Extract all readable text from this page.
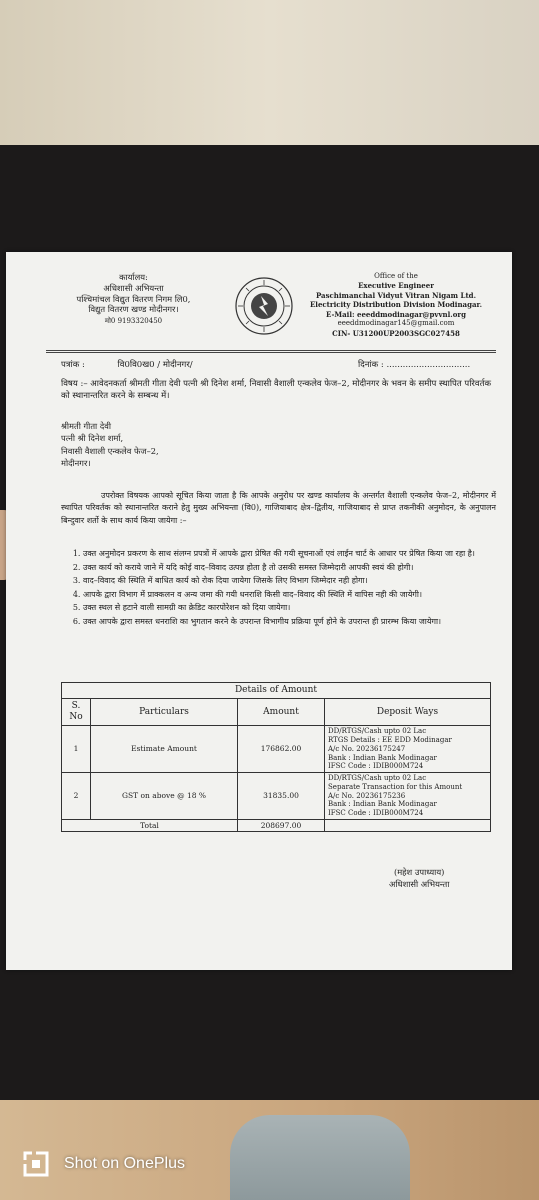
कार्यालय:
अधिशासी अभियन्ता
पश्चिमांचल विद्युत वितरण निगम लि0,
विद्युत वितरण खण्ड मोदीनगर।
मो0 9193320450
Office of the
Executive Engineer
Paschimanchal Vidyut Vitran Nigam Ltd.
Electricity Distribution Division Modinagar.
E-Mail: eeeddmodinagar@pvvnl.org
eeeddmodinagar145@gmail.com
CIN- U31200UP2003SGC027458
पत्रांक :	वि0वि0ख0 / मोदीनगर/	दिनांक : ...............................
विषय :– आवेदनकर्ता श्रीमती गीता देवी पत्नी श्री दिनेश शर्मा, निवासी वैशाली एन्कलेव फेज–2, मोदीनगर के भवन के समीप स्थापित परिवर्तक को स्थानान्तरित करने के सम्बन्ध में।
श्रीमती गीता देवी
पत्नी श्री दिनेश शर्मा,
निवासी वैशाली एन्कलेव फेज–2,
मोदीनगर।
उपरोक्त विषयक आपको सूचित किया जाता है कि आपके अनुरोध पर खण्ड कार्यालय के अन्तर्गत वैशाली एन्कलेव फेज–2, मोदीनगर में स्थापित परिवर्तक को स्थानान्तरित कराने हेतु मुख्य अभियन्ता (वि0), गाजियाबाद क्षेत्र–द्वितीय, गाजियाबाद से प्राप्त तकनीकी अनुमोदन, के अनुपालन बिन्दुवार शर्तो के साथ कार्य किया जायेगा :–
1. उक्त अनुमोदन प्रकरण के साथ संलग्न प्रपत्रों में आपके द्वारा प्रेषित की गयी सूचनाओं एवं लाईन चार्ट के आधार पर प्रेषित किया जा रहा है।
2. उक्त कार्य को कराये जाने में यदि कोई वाद–विवाद उत्पन्न होता है तो उसकी समस्त जिम्मेदारी आपकी स्वयं की होगी।
3. वाद–विवाद की स्थिति में बाधित कार्य को रोक दिया जायेगा जिसके लिए विभाग जिम्मेदार नही होगा।
4. आपके द्वारा विभाग में प्राक्कलन व अन्य जमा की गयी धनराशि किसी वाद–विवाद की स्थिति में वापिस नही की जायेगी।
5. उक्त स्थल से हटाने वाली सामग्री का क्रेडिट कारपोरेशन को दिया जायेगा।
6. उक्त आपके द्वारा समस्त धनराशि का भुगतान करने के उपरान्त विभागीय प्रक्रिया पूर्ण होने के उपरान्त ही प्रारम्भ किया जायेगा।
Details of Amount			
S. No	Particulars	Amount	Deposit Ways
1	Estimate Amount	176862.00	DD/RTGS/Cash upto 02 Lac
RTGS Details : EE EDD Modinagar
A/c No. 20236175247
Bank : Indian Bank Modinagar
IFSC Code : IDIB000M724

2	GST on above @ 18 %	31835.00	DD/RTGS/Cash upto 02 Lac
Separate Transaction for this Amount
A/c No. 20236175236
Bank : Indian Bank Modinagar
IFSC Code : IDIB000M724

Total		208697.00	
(महेश उपाध्याय)
अधिशासी अभियन्ता
Shot on OnePlus
